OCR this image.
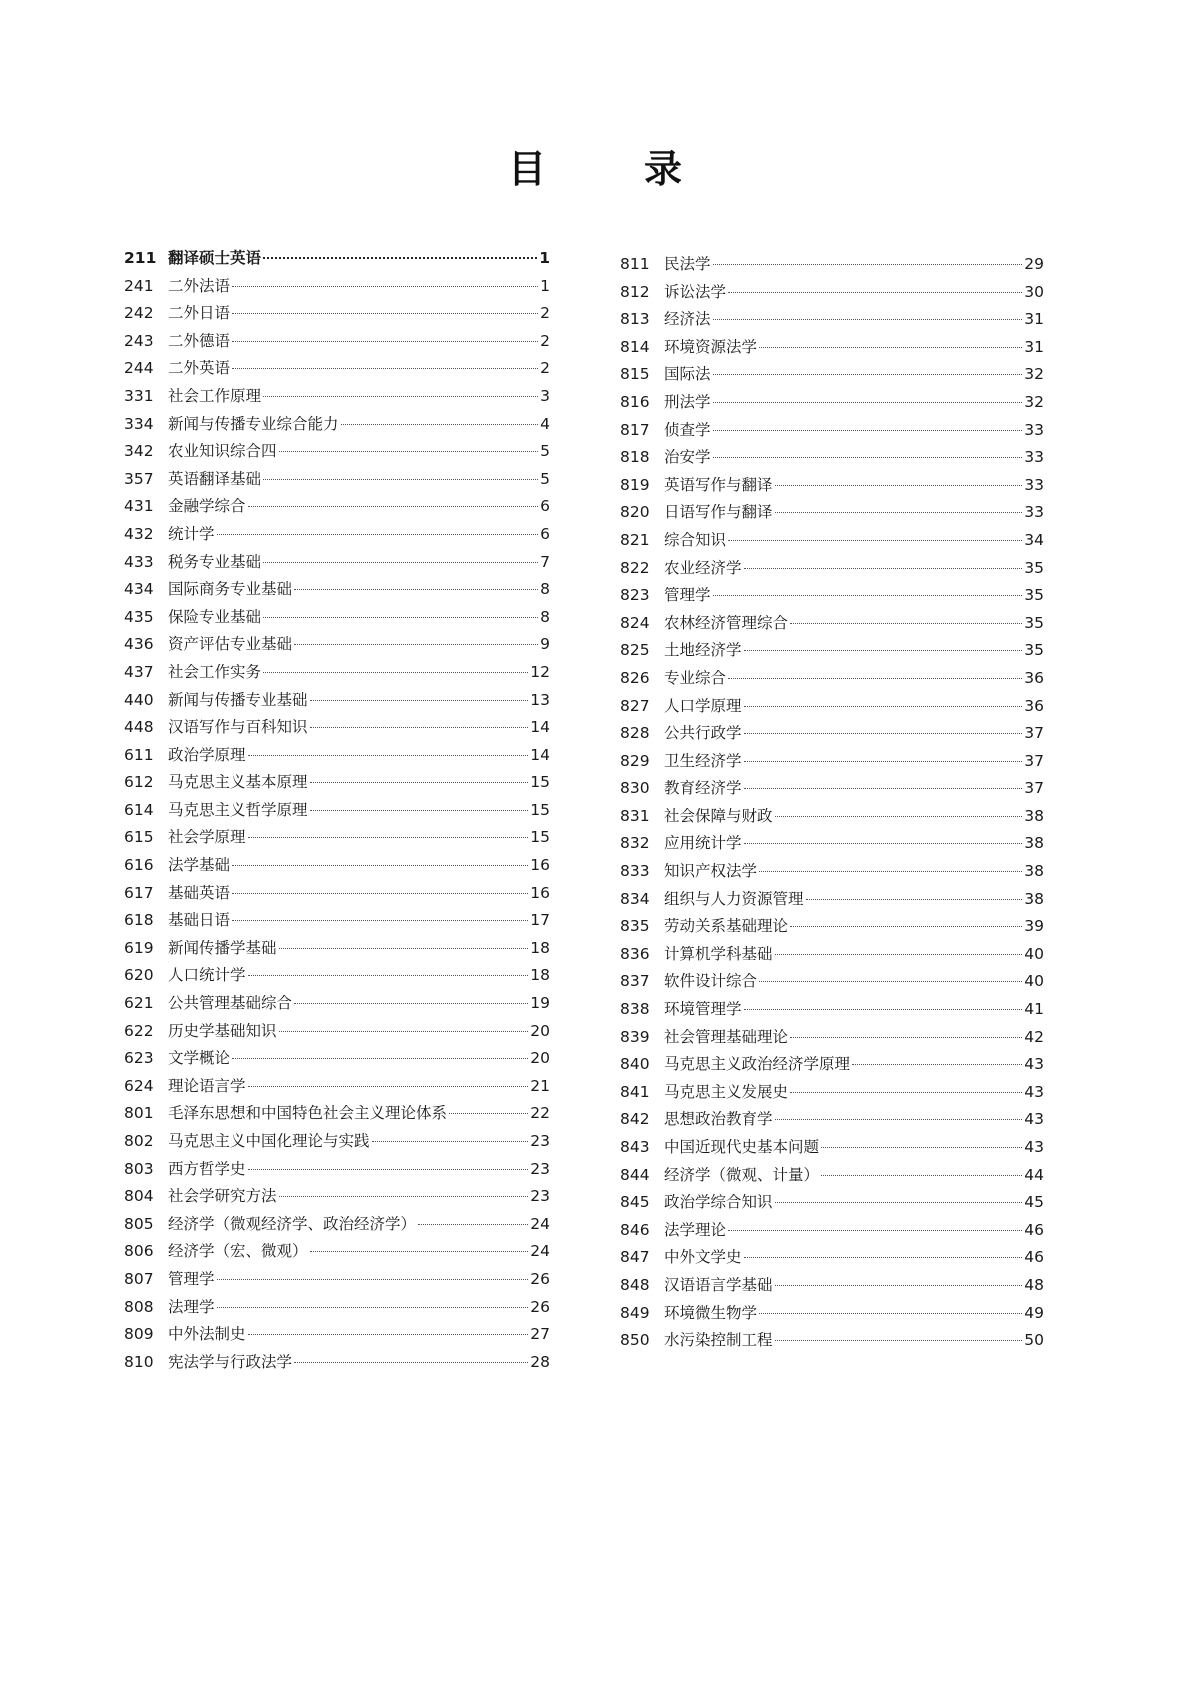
目　录
211 翻译硕士英语	1
241 二外法语	1
242 二外日语	2
243 二外德语	2
244 二外英语	2
331 社会工作原理	3
334 新闻与传播专业综合能力	4
342 农业知识综合四	5
357 英语翻译基础	5
431 金融学综合	6
432 统计学	6
433 税务专业基础	7
434 国际商务专业基础	8
435 保险专业基础	8
436 资产评估专业基础	9
437 社会工作实务	12
440 新闻与传播专业基础	13
448 汉语写作与百科知识	14
611 政治学原理	14
612 马克思主义基本原理	15
614 马克思主义哲学原理	15
615 社会学原理	15
616 法学基础	16
617 基础英语	16
618 基础日语	17
619 新闻传播学基础	18
620 人口统计学	18
621 公共管理基础综合	19
622 历史学基础知识	20
623 文学概论	20
624 理论语言学	21
801 毛泽东思想和中国特色社会主义理论体系	22
802 马克思主义中国化理论与实践	23
803 西方哲学史	23
804 社会学研究方法	23
805 经济学（微观经济学、政治经济学）	24
806 经济学（宏、微观）	24
807 管理学	26
808 法理学	26
809 中外法制史	27
810 宪法学与行政法学	28
811 民法学	29
812 诉讼法学	30
813 经济法	31
814 环境资源法学	31
815 国际法	32
816 刑法学	32
817 侦查学	33
818 治安学	33
819 英语写作与翻译	33
820 日语写作与翻译	33
821 综合知识	34
822 农业经济学	35
823 管理学	35
824 农林经济管理综合	35
825 土地经济学	35
826 专业综合	36
827 人口学原理	36
828 公共行政学	37
829 卫生经济学	37
830 教育经济学	37
831 社会保障与财政	38
832 应用统计学	38
833 知识产权法学	38
834 组织与人力资源管理	38
835 劳动关系基础理论	39
836 计算机学科基础	40
837 软件设计综合	40
838 环境管理学	41
839 社会管理基础理论	42
840 马克思主义政治经济学原理	43
841 马克思主义发展史	43
842 思想政治教育学	43
843 中国近现代史基本问题	43
844 经济学（微观、计量）	44
845 政治学综合知识	45
846 法学理论	46
847 中外文学史	46
848 汉语语言学基础	48
849 环境微生物学	49
850 水污染控制工程	50
